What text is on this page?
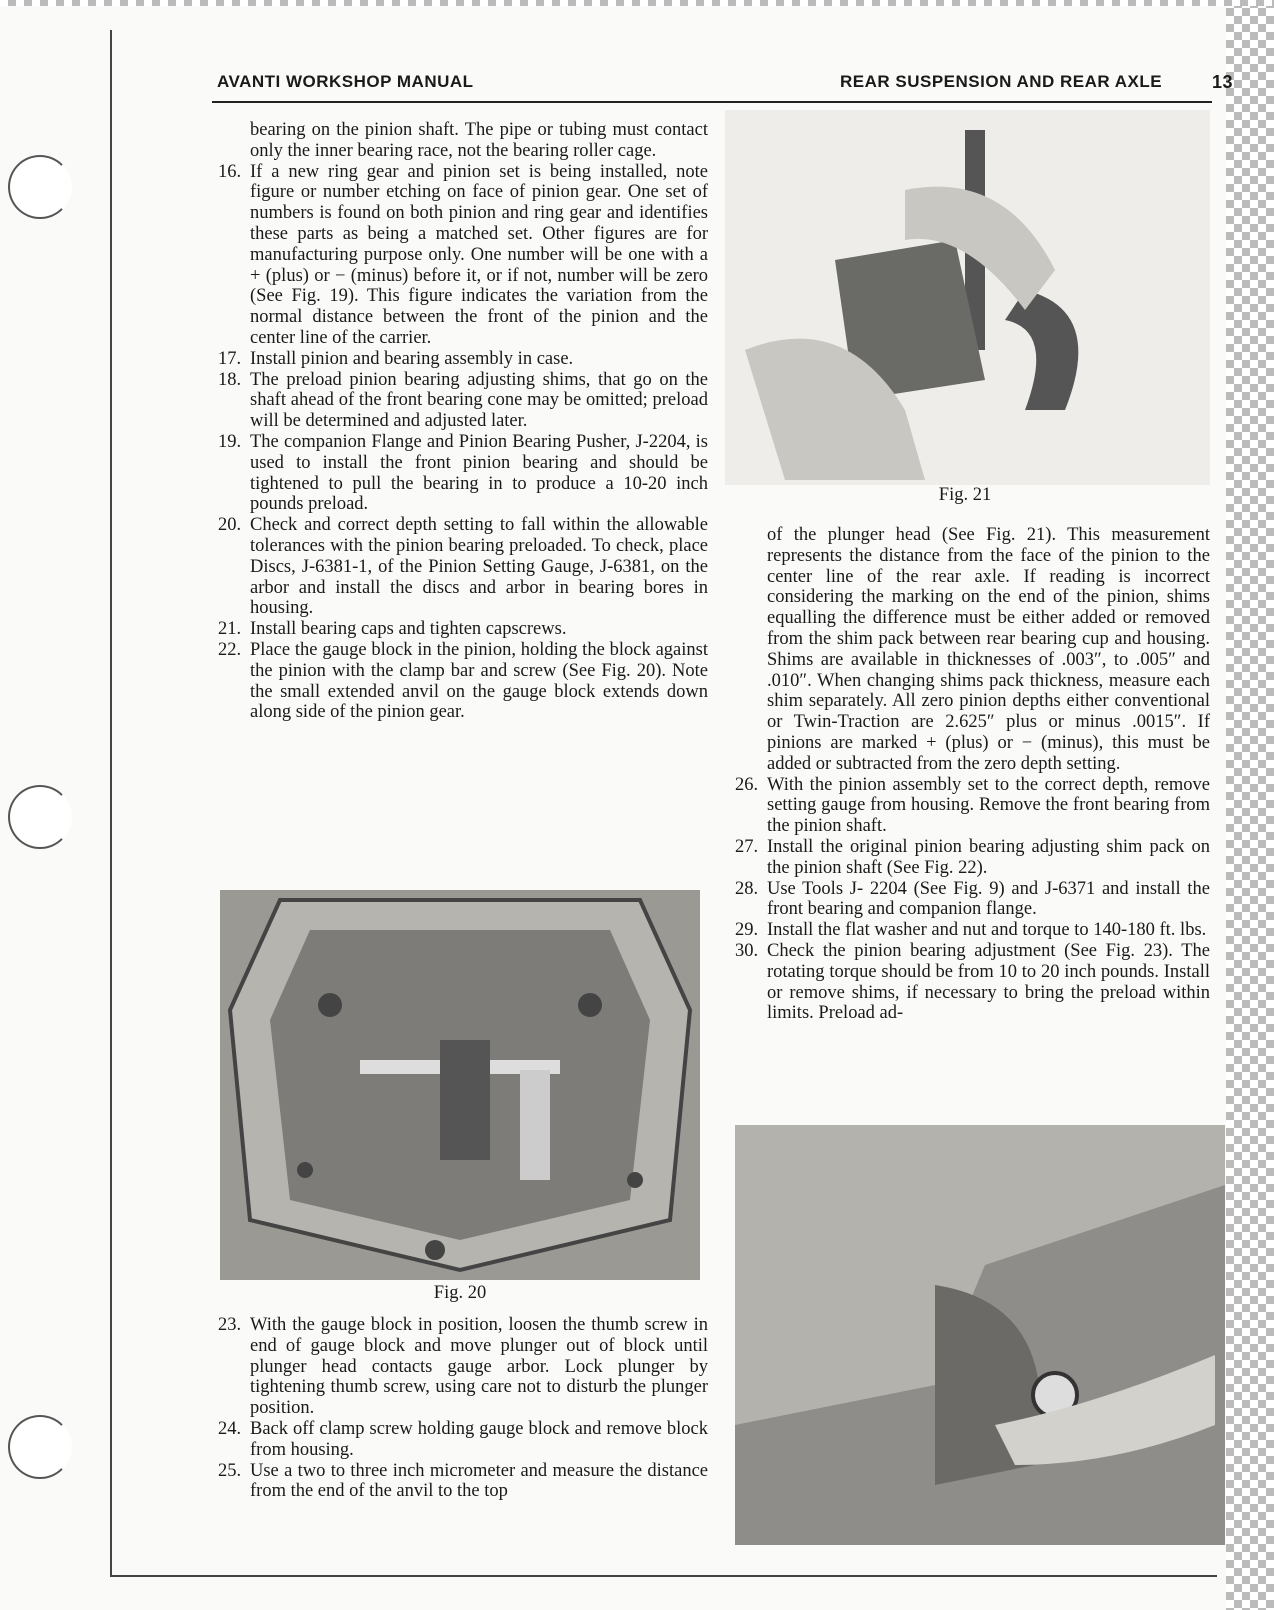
AVANTI WORKSHOP MANUAL	REAR SUSPENSION AND REAR AXLE	13

bearing on the pinion shaft. The pipe or tubing must contact only the inner bearing race, not the bearing roller cage.

16. If a new ring gear and pinion set is being installed, note figure or number etching on face of pinion gear. One set of numbers is found on both pinion and ring gear and identifies these parts as being a matched set. Other figures are for manufacturing purpose only. One number will be one with a + (plus) or − (minus) before it, or if not, number will be zero (See Fig. 19). This figure indicates the variation from the normal distance between the front of the pinion and the center line of the carrier.
17. Install pinion and bearing assembly in case.
18. The preload pinion bearing adjusting shims, that go on the shaft ahead of the front bearing cone may be omitted; preload will be determined and adjusted later.
19. The companion Flange and Pinion Bearing Pusher, J-2204, is used to install the front pinion bearing and should be tightened to pull the bearing in to produce a 10-20 inch pounds preload.
20. Check and correct depth setting to fall within the allowable tolerances with the pinion bearing preloaded. To check, place Discs, J-6381-1, of the Pinion Setting Gauge, J-6381, on the arbor and install the discs and arbor in bearing bores in housing.
21. Install bearing caps and tighten capscrews.
22. Place the gauge block in the pinion, holding the block against the pinion with the clamp bar and screw (See Fig. 20). Note the small extended anvil on the gauge block extends down along side of the pinion gear.
Fig. 20
23. With the gauge block in position, loosen the thumb screw in end of gauge block and move plunger out of block until plunger head contacts gauge arbor. Lock plunger by tightening thumb screw, using care not to disturb the plunger position.
24. Back off clamp screw holding gauge block and remove block from housing.
25. Use a two to three inch micrometer and measure the distance from the end of the anvil to the top
Fig. 21

of the plunger head (See Fig. 21). This measurement represents the distance from the face of the pinion to the center line of the rear axle. If reading is incorrect considering the marking on the end of the pinion, shims equalling the difference must be either added or removed from the shim pack between rear bearing cup and housing. Shims are available in thicknesses of .003″, to .005″ and .010″. When changing shims pack thickness, measure each shim separately. All zero pinion depths either conventional or Twin-Traction are 2.625″ plus or minus .0015″. If pinions are marked + (plus) or − (minus), this must be added or subtracted from the zero depth setting.

26. With the pinion assembly set to the correct depth, remove setting gauge from housing. Remove the front bearing from the pinion shaft.
27. Install the original pinion bearing adjusting shim pack on the pinion shaft (See Fig. 22).
28. Use Tools J- 2204 (See Fig. 9) and J-6371 and install the front bearing and companion flange.
29. Install the flat washer and nut and torque to 140-180 ft. lbs.
30. Check the pinion bearing adjustment (See Fig. 23). The rotating torque should be from 10 to 20 inch pounds. Install or remove shims, if necessary to bring the preload within limits. Preload ad-
